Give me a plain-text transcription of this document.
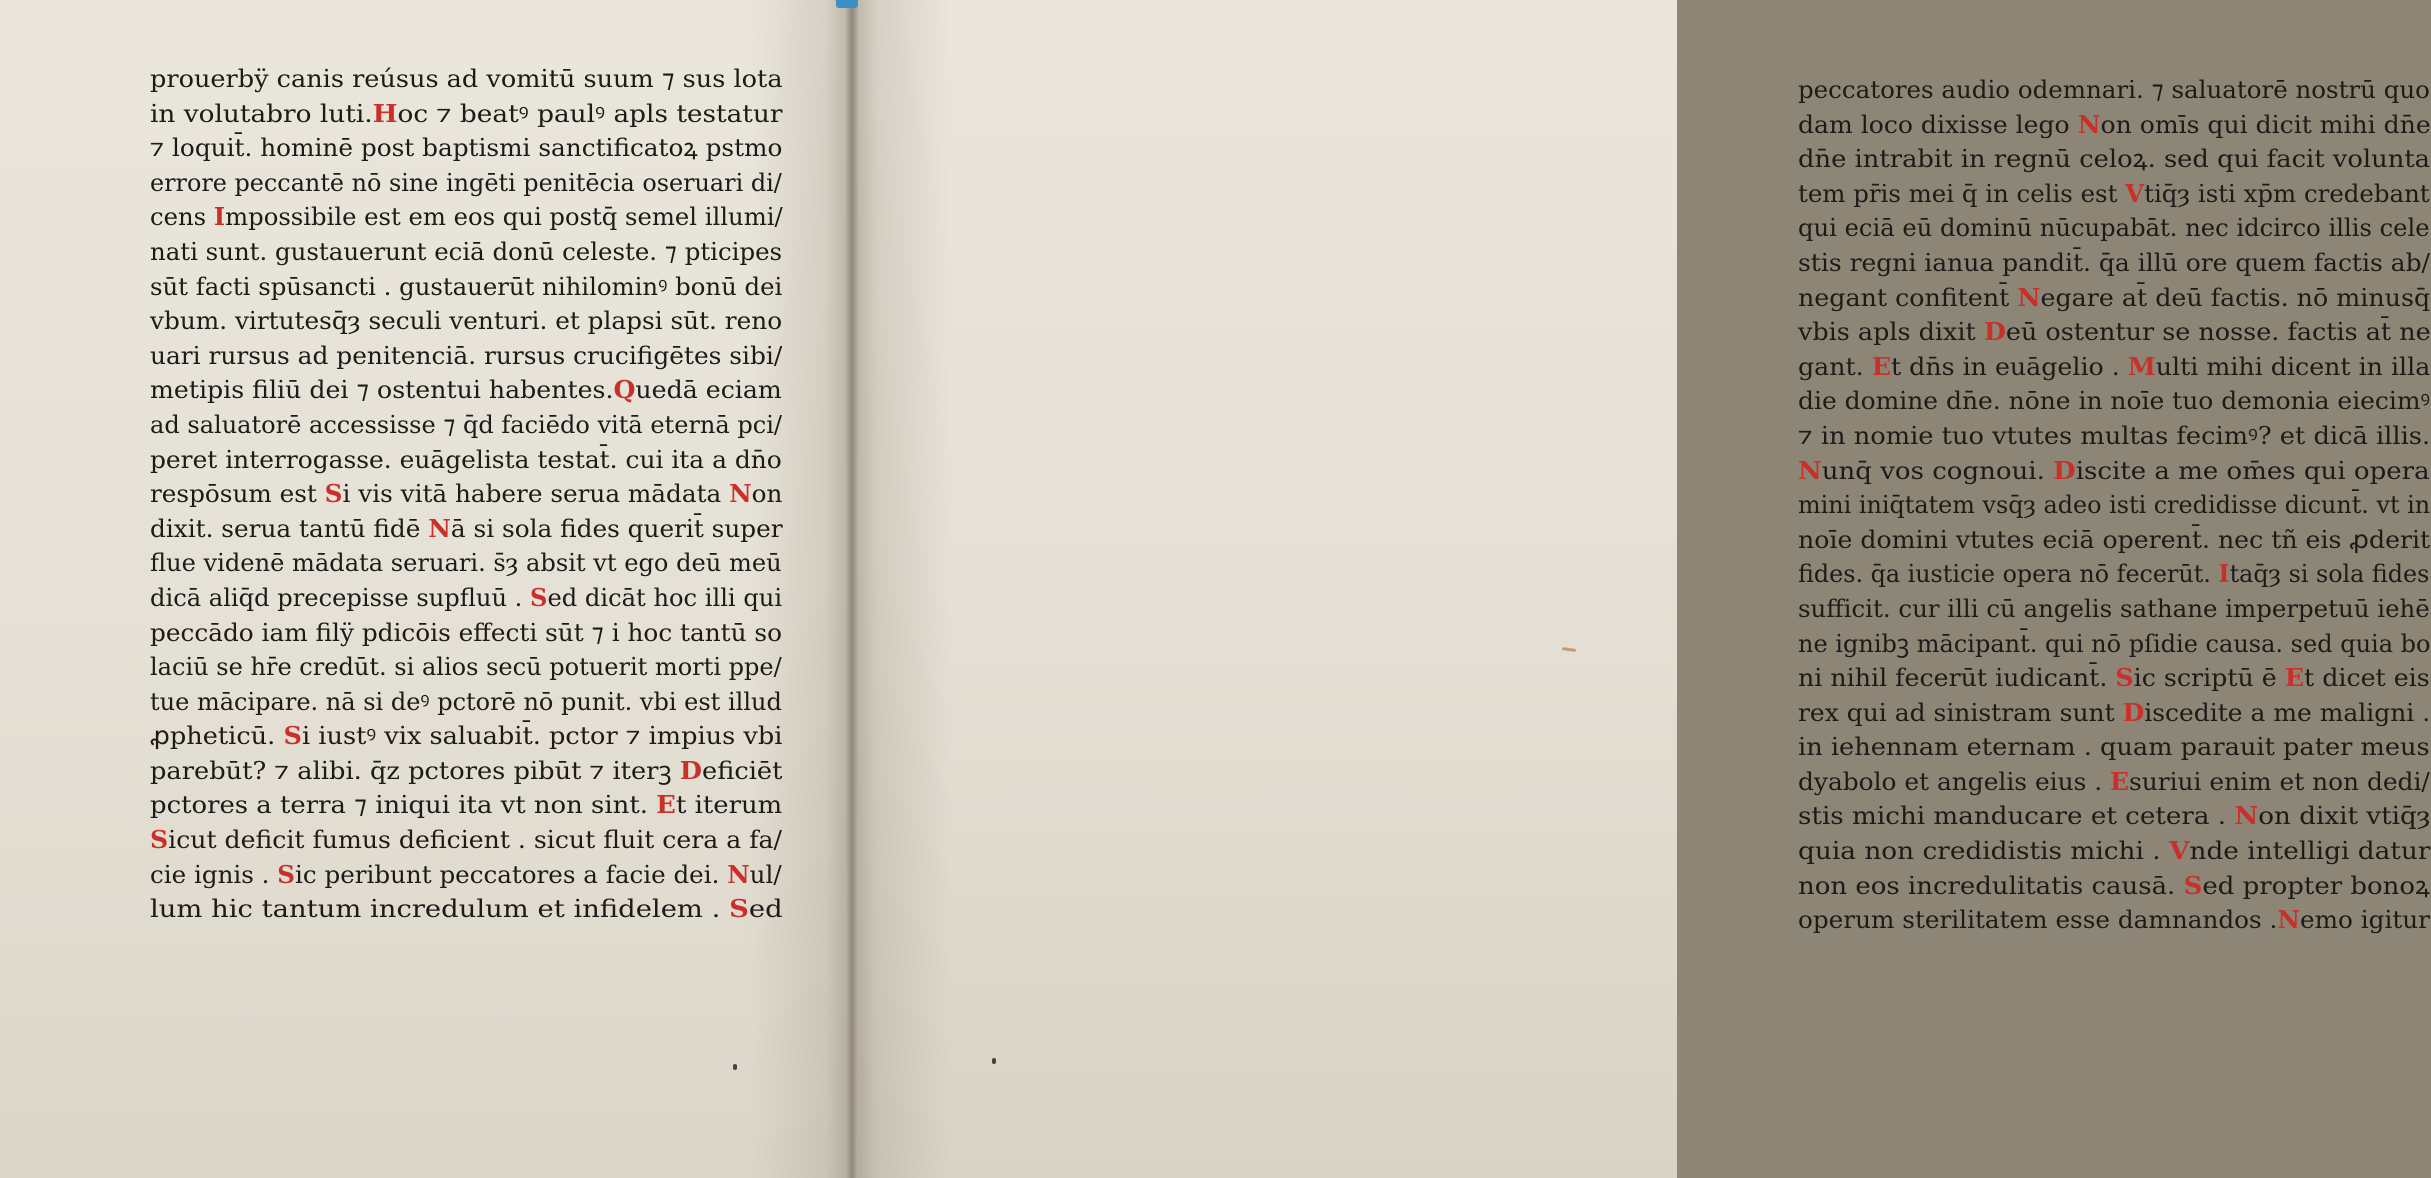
prouerbÿ canis reúsus ad vomitū suum ⁊ sus lota
in volutabro luti.Hoc ⁊ beatꝰ paulꝰ apls testatur
⁊ loquit̄. hominē post baptismi sanctificatoꝝ pstmo
errore peccantē nō sine ingēti penitēcia oseruari di/
cens Impossibile est em eos qui postq̄ semel illumi/
nati sunt. gustauerunt eciā donū celeste. ⁊ pticipes
sūt facti spūsancti . gustauerūt nihilominꝰ bonū dei
vbum. virtutesq̄ȝ seculi venturi. et plapsi sūt. reno
uari rursus ad penitenciā. rursus crucifigētes sibi/
metipis filiū dei ⁊ ostentui habentes.Quedā eciam
ad saluatorē accessisse ⁊ q̄d faciēdo vitā eternā pci/
peret interrogasse. euāgelista testat̄. cui ita a dn̄o
respōsum est Si vis vitā habere serua mādata Non
dixit. serua tantū fidē Nā si sola fides querit̄ super
flue videnē mādata seruari. s̄ȝ absit vt ego deū meū
dicā aliq̄d precepisse supfluū . Sed dicāt hoc illi qui
peccādo iam filÿ pdicōis effecti sūt ⁊ i hoc tantū so
laciū se hr̄e credūt. si alios secū potuerit morti ppe/
tue mācipare. nā si deꝰ pctorē nō punit. vbi est illud
ꝓpheticū. Si iustꝰ vix saluabit̄. pctor ⁊ impius vbi
parebūt? ⁊ alibi. q̄z pctores pibūt ⁊ iterꝫ Deficiēt
pctores a terra ⁊ iniqui ita vt non sint. Et iterum
Sicut deficit fumus deficient . sicut fluit cera a fa/
cie ignis . Sic peribunt peccatores a facie dei. Nul/
lum hic tantum incredulum et infidelem . Sed
peccatores audio odemnari. ⁊ saluatorē nostrū quo
dam loco dixisse lego Non omīs qui dicit mihi dn̄e
dn̄e intrabit in regnū celoꝝ. sed qui facit volunta
tem pr̄is mei q̄ in celis est Vtiq̄ȝ isti xp̄m credebant
qui eciā eū dominū nūcupabāt. nec idcirco illis cele
stis regni ianua pandit̄. q̄a illū ore quem factis ab/
negant confitent̄ Negare at̄ deū factis. nō minusq̄
vbis apls dixit Deū ostentur se nosse. factis at̄ ne
gant. Et dn̄s in euāgelio . Multi mihi dicent in illa
die domine dn̄e. nōne in noīe tuo demonia eiecimꝰ
⁊ in nomie tuo vtutes multas fecimꝰ? et dicā illis.
Nunq̄ vos cognoui. Discite a me om̄es qui opera
mini iniq̄tatem vsq̄ȝ adeo isti credidisse dicunt̄. vt in
noīe domini vtutes eciā operent̄. nec tñ eis ꝓderit
fides. q̄a iusticie opera nō fecerūt. Itaq̄ȝ si sola fides
sufficit. cur illi cū angelis sathane imperpetuū iehē
ne ignibꝫ mācipant̄. qui nō pſidie causa. sed quia bo
ni nihil fecerūt iudicant̄. Sic scriptū ē Et dicet eis
rex qui ad sinistram sunt Discedite a me maligni .
in iehennam eternam . quam parauit pater meus
dyabolo et angelis eius . Esuriui enim et non dedi/
stis michi manducare et cetera . Non dixit vtiq̄ȝ
quia non credidistis michi . Vnde intelligi datur
non eos incredulitatis causā. Sed propter bonoꝝ
operum sterilitatem esse damnandos .Nemo igitur
